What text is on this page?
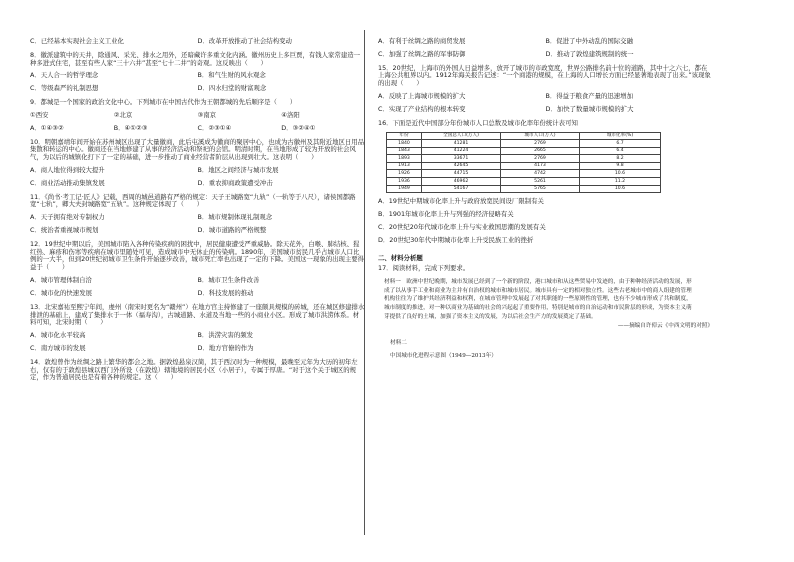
C．已经基本实现社会主义工业化	D．改革开放推动了社会结构变动

8．徽派建筑中的天井，除通风、采光、排水之用外，还暗藏许多重文化内涵。徽州历史上多巨贾，有钱人家常建造一种多进式住宅，甚至有些人家“三十六井”甚至“七十二井”的奇观。这反映出（　　）

A．天人合一的哲学理念	B．和气生财的风水观念
C．等级森严的礼制思想	D．四水归堂的财富观念

9．都城是一个国家的政治文化中心。下列城市在中国古代作为王朝都城的先后顺序是（　　）

①西安	②北京	③南京	④洛阳
A．①④③②	B．④①②③	C．②③①④	D．③②④①

10．明朝嘉靖年间开始在苏州城区出现了大量徽商，此后屯溪成为徽商的聚居中心，也成为古徽州及其附近地区日用品集散和转运的中心。徽商还在当地修建了从事的经济活动和祭祀的会馆。明清时期，在当地形成了较为开放的社会风气，为以后的城镇化打下了一定的基础，进一步推动了商业经营者阶层从出现到壮大。这表明（　　）

A．商人地位得到较大提升	B．地区之间经济与城市发展
C．商业活动推动集镇发展	D．重农抑商政策遭受冲击

11．《尚书·考工记·匠人》记载，西周的城邑道路有严格的规定：天子王城路宽“九轨”（一轨等于八尺），诸侯国都路宽“七轨”，卿大夫封城路宽“五轨”。这种规定体现了（　　）

A．天子拥有绝对专制权力	B．城市规制体现礼制观念
C．统治者重视城市规划	D．城市道路的严格规整

12．19世纪中期以后，美国城市陷入各种传染疾病的困扰中，居民健康遭受严重威胁。除天花外，白喉、肺结核、猩红热、麻疹和伤寒等疾病在城市里随处可见，造成城市中无休止的传染病。1890年，美国城市贫民几乎占城市人口比例的一大半，但到20世纪初城市卫生条件开始逐步改善，城市死亡率也出现了一定的下降。美国这一现象的出现主要得益于（　　）

A．城市管理体制自洽	B．城市卫生条件改善
C．城市化的快速发展	D．科技发展的推动

13．北宋嘉祐至熙宁年间，虔州（南宋时更名为“赣州”）在地方官主持修建了一座颇具规模的砖城，还在城区修建排水排泄的基础上，建成了集排水于一体（福寿沟），古城道路、水道及当地一些的小商业小区。形成了城市洪涝体系。材料可知，北宋时期（　　）

A．城市化水平较高	B．洪涝灾害的频发
C．南方城市的发展	D．地方官僚的作为

14．敦煌曾作为丝绸之路上繁华的都会之地。据敦煌悬泉汉简，其于西汉时为一种规模，最晚至元年为大历的初年左右，仅有的于敦煌县城以西门外所设（在敦煌）辖地境的居民小区（小居子），专属于厚唐。“对于这个关于城区的规定，作为普通居民也是有着各种的规定。这（　　）

A．有利于丝绸之路的商贸发展	B．促进了中外动乱的国际交融
C．加强了丝绸之路的军事防御	D．推动了敦煌建筑规制的统一

15．20世纪，上海市的外国人日益增多，放开了城市的市政宽度，世界公路排名前十位的道路，其中十之六七，都在上海公共租界以内。1912年海关报告记述：“一个商港的规模，在上海的人口增长方面已经显著地表现了出来。”该现象的出现（　　）

A．反映了上海城市规模的扩大	B．得益于粮食产量的迅速增加
C．实现了产业结构的根本转变	D．加快了数量城市规模的扩大

16．下面是近代中国部分年份城市人口总数及城市化率年份统计表可知

年份	全国总人口(万人)	城市人口(万人)	城市化率(%)
1840	41281	2769	6.7
1843	41224	2665	6.4
1893	33671	2769	8.2
1913	42645	4173	9.8
1926	44715	4742	10.6
1936	46962	5261	11.2
1949	54167	5765	10.6

A．19世纪中期城市化率上升与政府放宽民间设厂限制有关

B．1901年城市化率上升与列强的经济侵略有关

C．20世纪20年代城市化率上升与实业救国思潮的发展有关

D．20世纪30年代中期城市化率上升受民族工业的挫折

二、材料分析题

17．阅读材料，完成下列要求。

材料一　欧洲中世纪晚期，城市发展已经到了一个新的阶段，港口城市和从这些贸易中发迹的，由于种种经济活动的发展，形成了以从事手工业和商业为主并有自治权的城市和城市居民。城市具有一定的相对独立性。这些古老城市中的商人组建的管理机构往往为了维护其经济利益和权利，在城市管理中发展起了对其职能的一些原则性的管理，也有不少城市形成了共和制度，城市制度的推进，对一种以商业为基础的社会的兴起起了重要作用，特别是城市的自治运动和市民阶层的形成，为资本主义萌芽提供了良好的土壤，加强了资本主义的发展，为以后社会生产力的发展奠定了基础。

——摘编自许倬云《中西文明的对照》

材料二

中国城市化进程示意图（1949—2013年）
